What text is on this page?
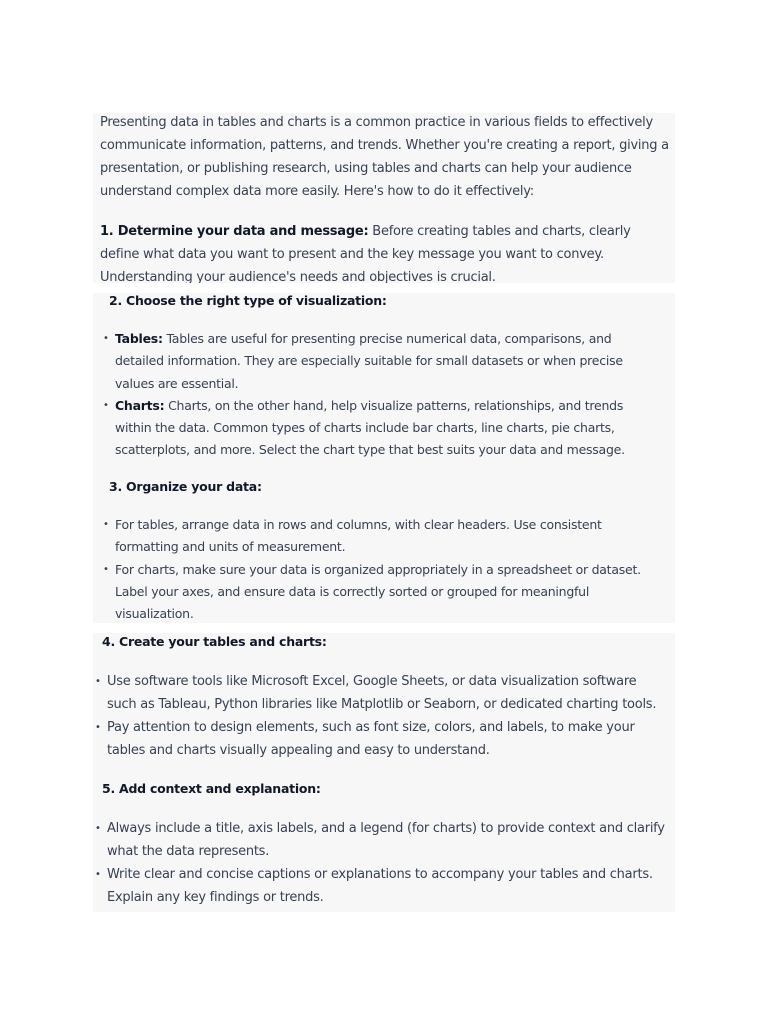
Presenting data in tables and charts is a common practice in various fields to effectively communicate information, patterns, and trends. Whether you're creating a report, giving a presentation, or publishing research, using tables and charts can help your audience understand complex data more easily. Here's how to do it effectively:

1. Determine your data and message: Before creating tables and charts, clearly define what data you want to present and the key message you want to convey. Understanding your audience's needs and objectives is crucial.

2. Choose the right type of visualization:
• Tables: Tables are useful for presenting precise numerical data, comparisons, and detailed information. They are especially suitable for small datasets or when precise values are essential.
• Charts: Charts, on the other hand, help visualize patterns, relationships, and trends within the data. Common types of charts include bar charts, line charts, pie charts, scatterplots, and more. Select the chart type that best suits your data and message.
3. Organize your data:
• For tables, arrange data in rows and columns, with clear headers. Use consistent formatting and units of measurement.
• For charts, make sure your data is organized appropriately in a spreadsheet or dataset. Label your axes, and ensure data is correctly sorted or grouped for meaningful visualization.
4. Create your tables and charts:
• Use software tools like Microsoft Excel, Google Sheets, or data visualization software such as Tableau, Python libraries like Matplotlib or Seaborn, or dedicated charting tools.
• Pay attention to design elements, such as font size, colors, and labels, to make your tables and charts visually appealing and easy to understand.
5. Add context and explanation:
• Always include a title, axis labels, and a legend (for charts) to provide context and clarify what the data represents.
• Write clear and concise captions or explanations to accompany your tables and charts. Explain any key findings or trends.
